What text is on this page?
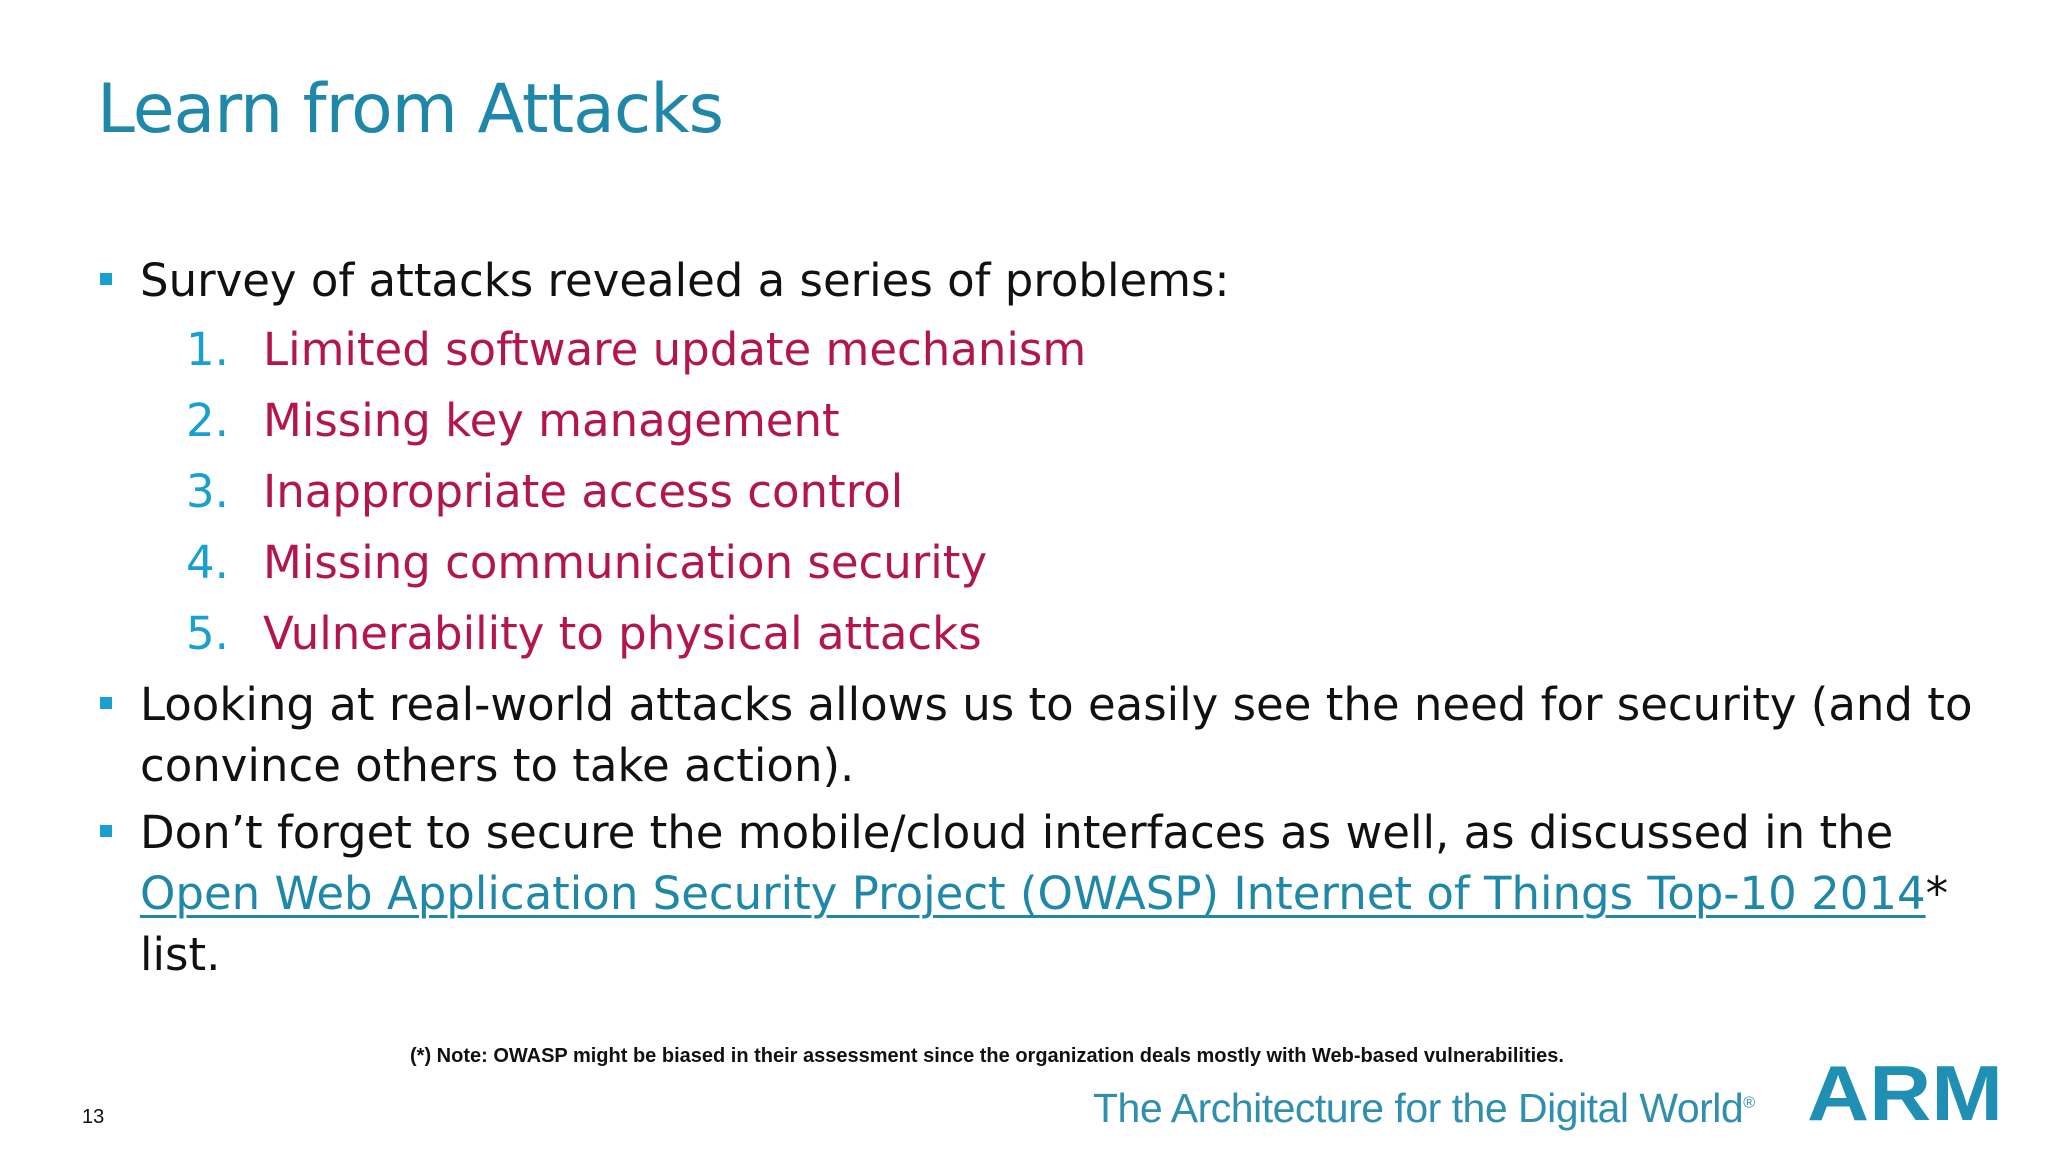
Learn from Attacks
Survey of attacks revealed a series of problems:
1. Limited software update mechanism
2. Missing key management
3. Inappropriate access control
4. Missing communication security
5. Vulnerability to physical attacks
Looking at real-world attacks allows us to easily see the need for security (and to convince others to take action).
Don’t forget to secure the mobile/cloud interfaces as well, as discussed in the Open Web Application Security Project (OWASP) Internet of Things Top-10 2014* list.
(*) Note: OWASP might be biased in their assessment since the organization deals mostly with Web-based vulnerabilities.
13	The Architecture for the Digital World® ARM
